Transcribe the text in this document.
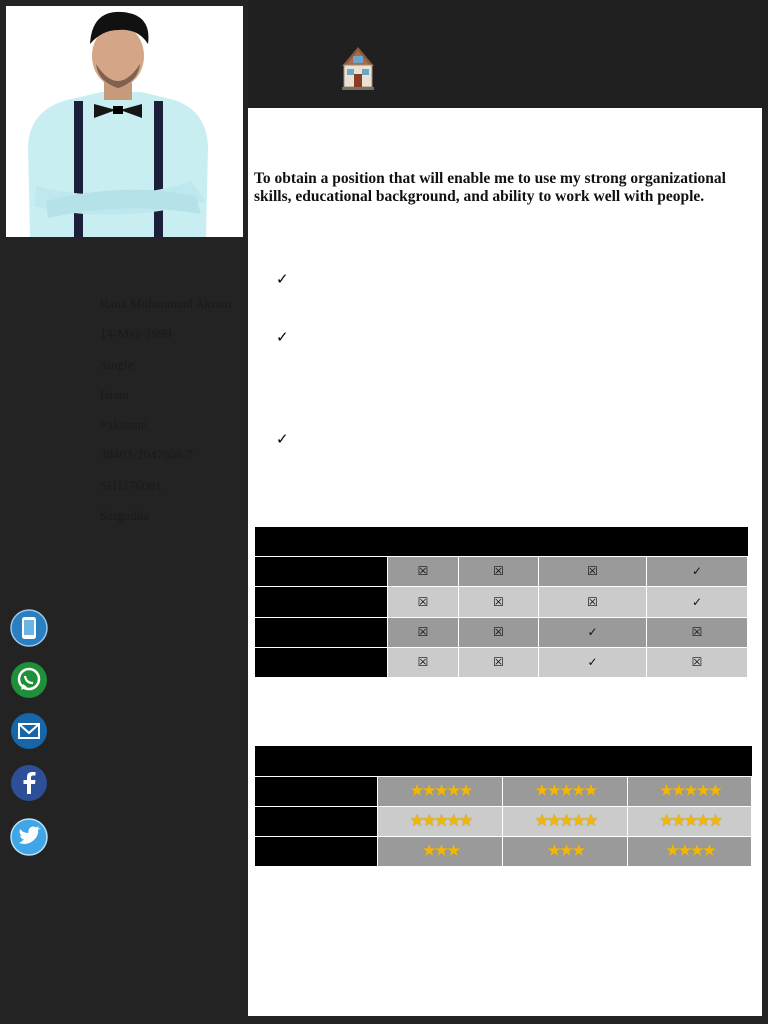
Rana Muhammad Akram
14-May-1999
Single
Islam
Pakistani
38403-2047608-7
SH1176081
Sargodha
To obtain a position that will enable me to use my strong organizational skills, educational background, and ability to work well with people.
✓
✓
✓

	☒	☒	☒	✓
	☒	☒	☒	✓
	☒	☒	✓	☒
	☒	☒	✓	☒

	★★★★★	★★★★★	★★★★★
	★★★★★	★★★★★	★★★★★
	★★★	★★★	★★★★
